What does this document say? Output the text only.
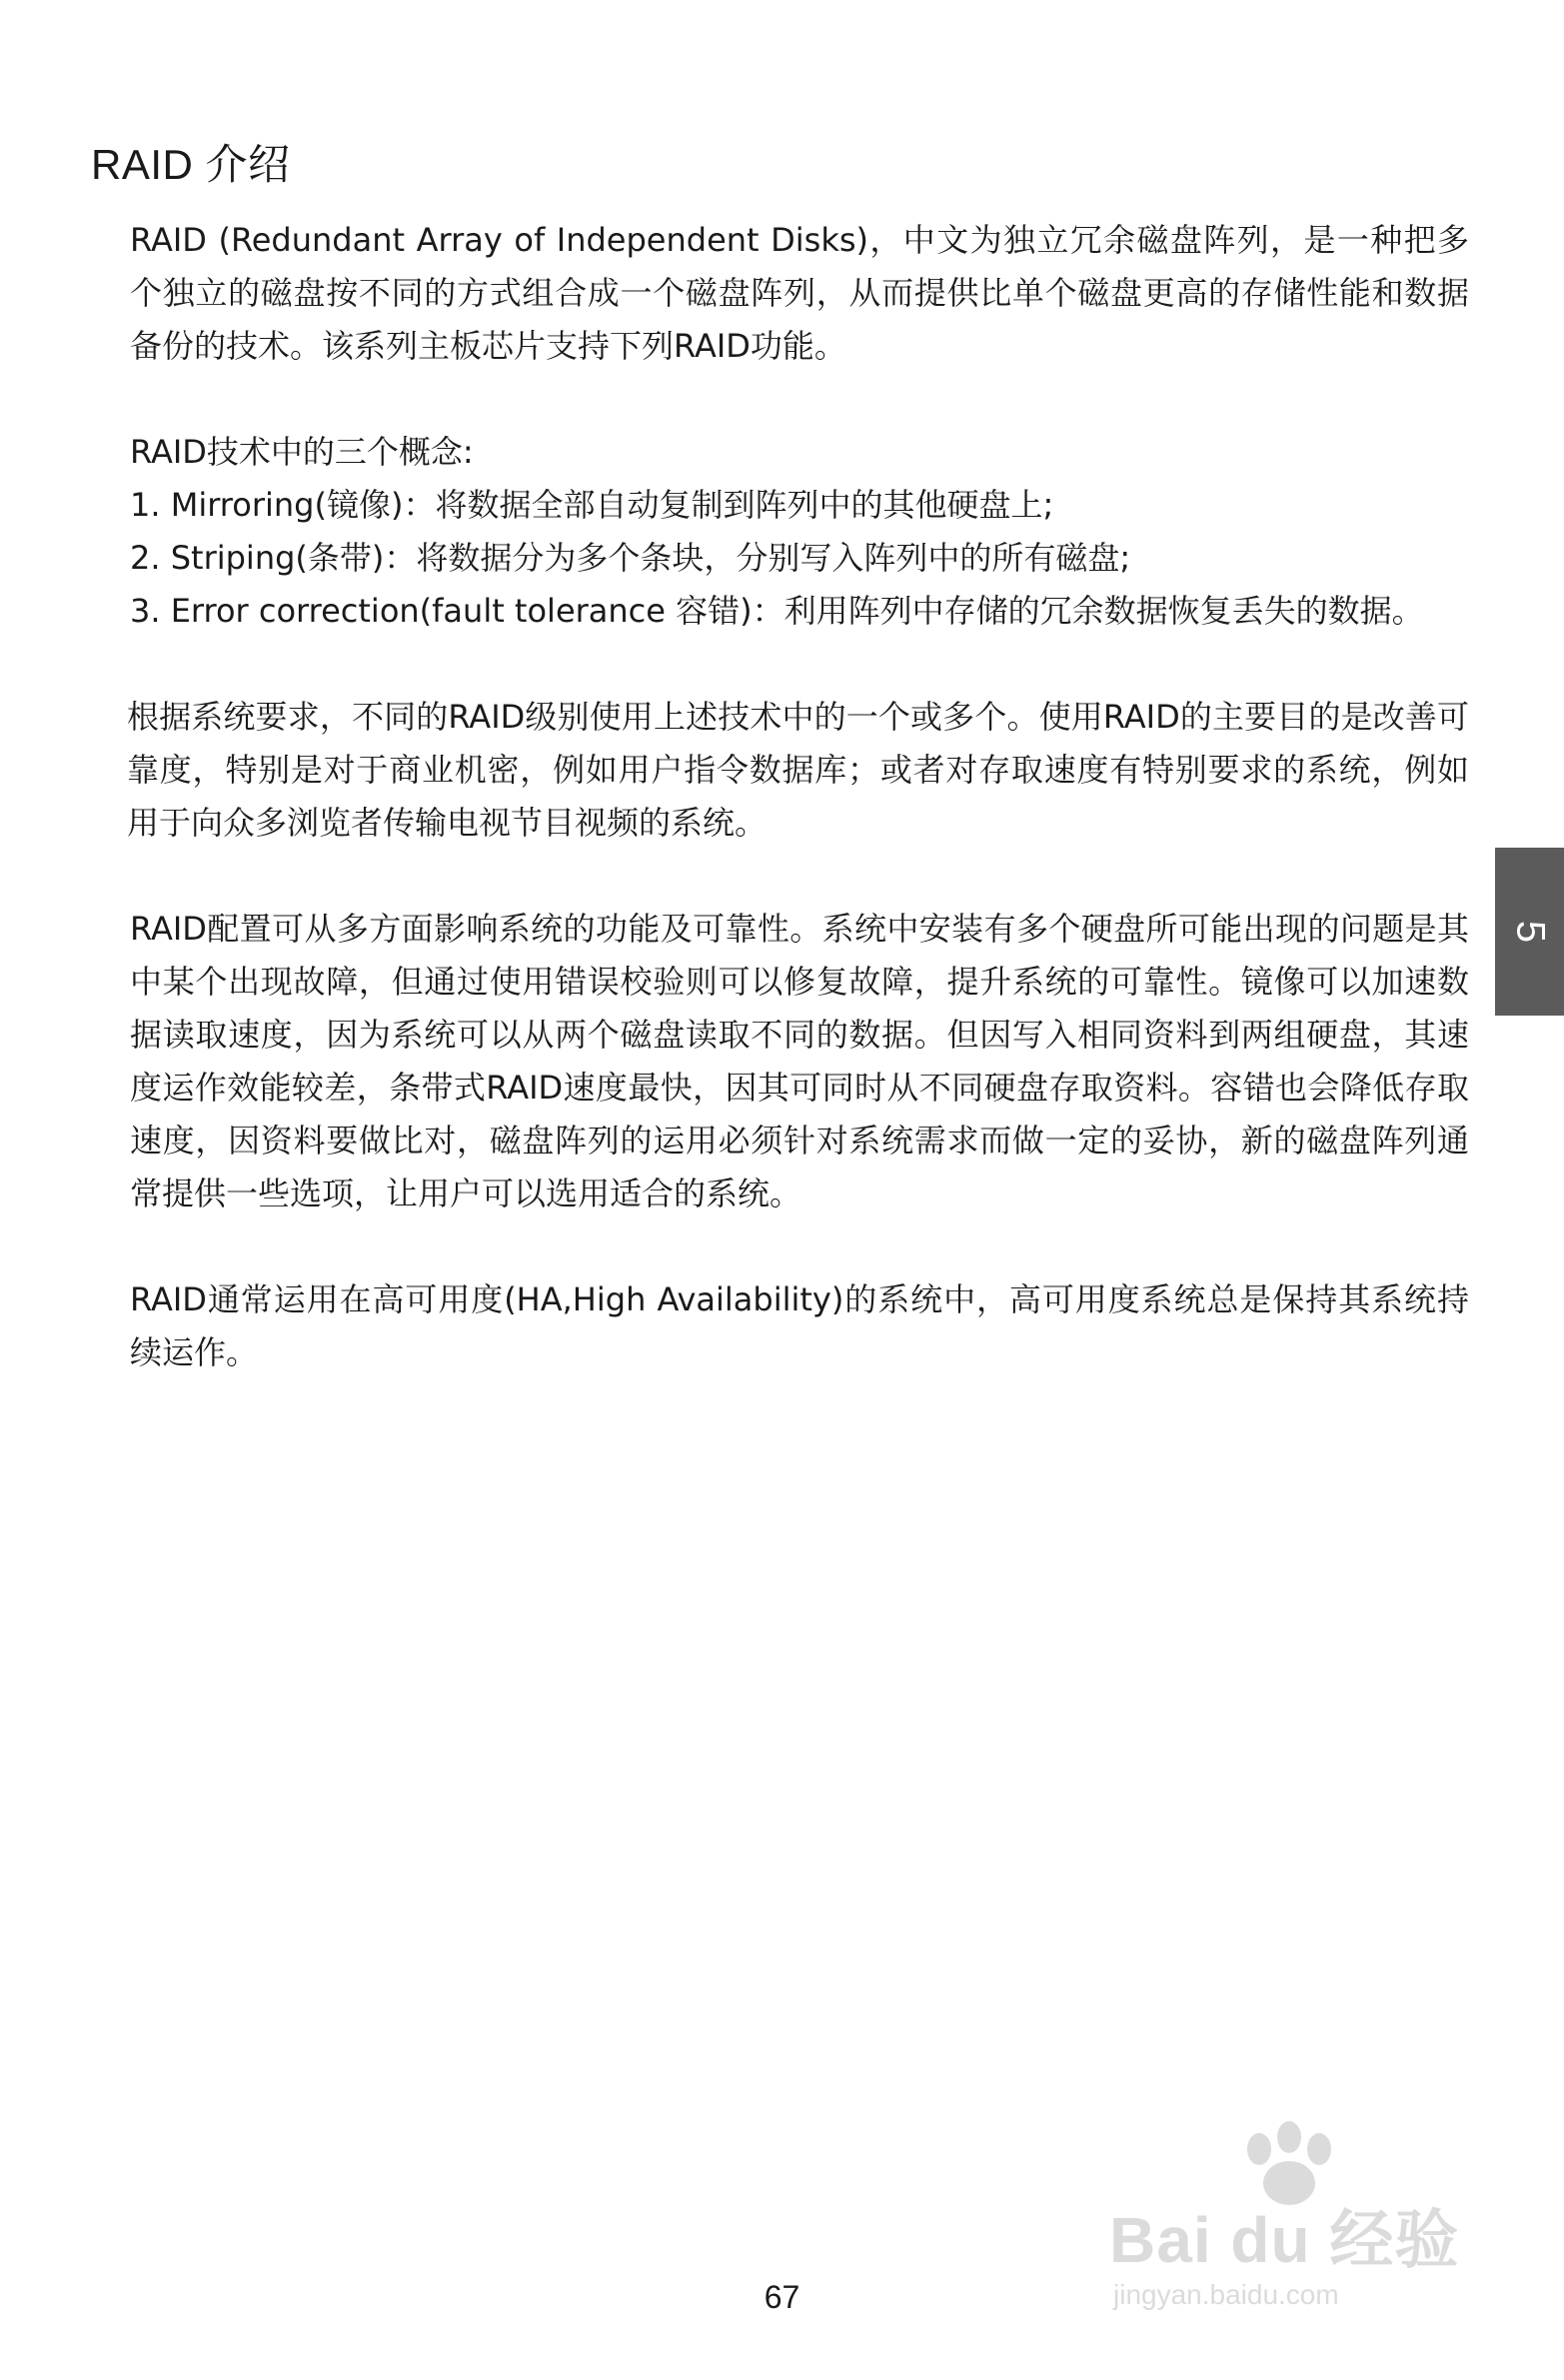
RAID 介绍

RAID (Redundant Array of Independent Disks)，中文为独立冗余磁盘阵列，是一种把多个独立的磁盘按不同的方式组合成一个磁盘阵列，从而提供比单个磁盘更高的存储性能和数据备份的技术。该系列主板芯片支持下列RAID功能。

RAID技术中的三个概念:

1. Mirroring(镜像)：将数据全部自动复制到阵列中的其他硬盘上;

2. Striping(条带)：将数据分为多个条块，分别写入阵列中的所有磁盘;

3. Error correction(fault tolerance 容错)：利用阵列中存储的冗余数据恢复丢失的数据。

根据系统要求，不同的RAID级别使用上述技术中的一个或多个。使用RAID的主要目的是改善可靠度，特别是对于商业机密，例如用户指令数据库；或者对存取速度有特别要求的系统，例如用于向众多浏览者传输电视节目视频的系统。

RAID配置可从多方面影响系统的功能及可靠性。系统中安装有多个硬盘所可能出现的问题是其中某个出现故障，但通过使用错误校验则可以修复故障，提升系统的可靠性。镜像可以加速数据读取速度，因为系统可以从两个磁盘读取不同的数据。但因写入相同资料到两组硬盘，其速度运作效能较差，条带式RAID速度最快，因其可同时从不同硬盘存取资料。容错也会降低存取速度，因资料要做比对，磁盘阵列的运用必须针对系统需求而做一定的妥协，新的磁盘阵列通常提供一些选项，让用户可以选用适合的系统。

RAID通常运用在高可用度(HA,High Availability)的系统中，高可用度系统总是保持其系统持续运作。

5
Bai du 经验
jingyan.baidu.com
67
